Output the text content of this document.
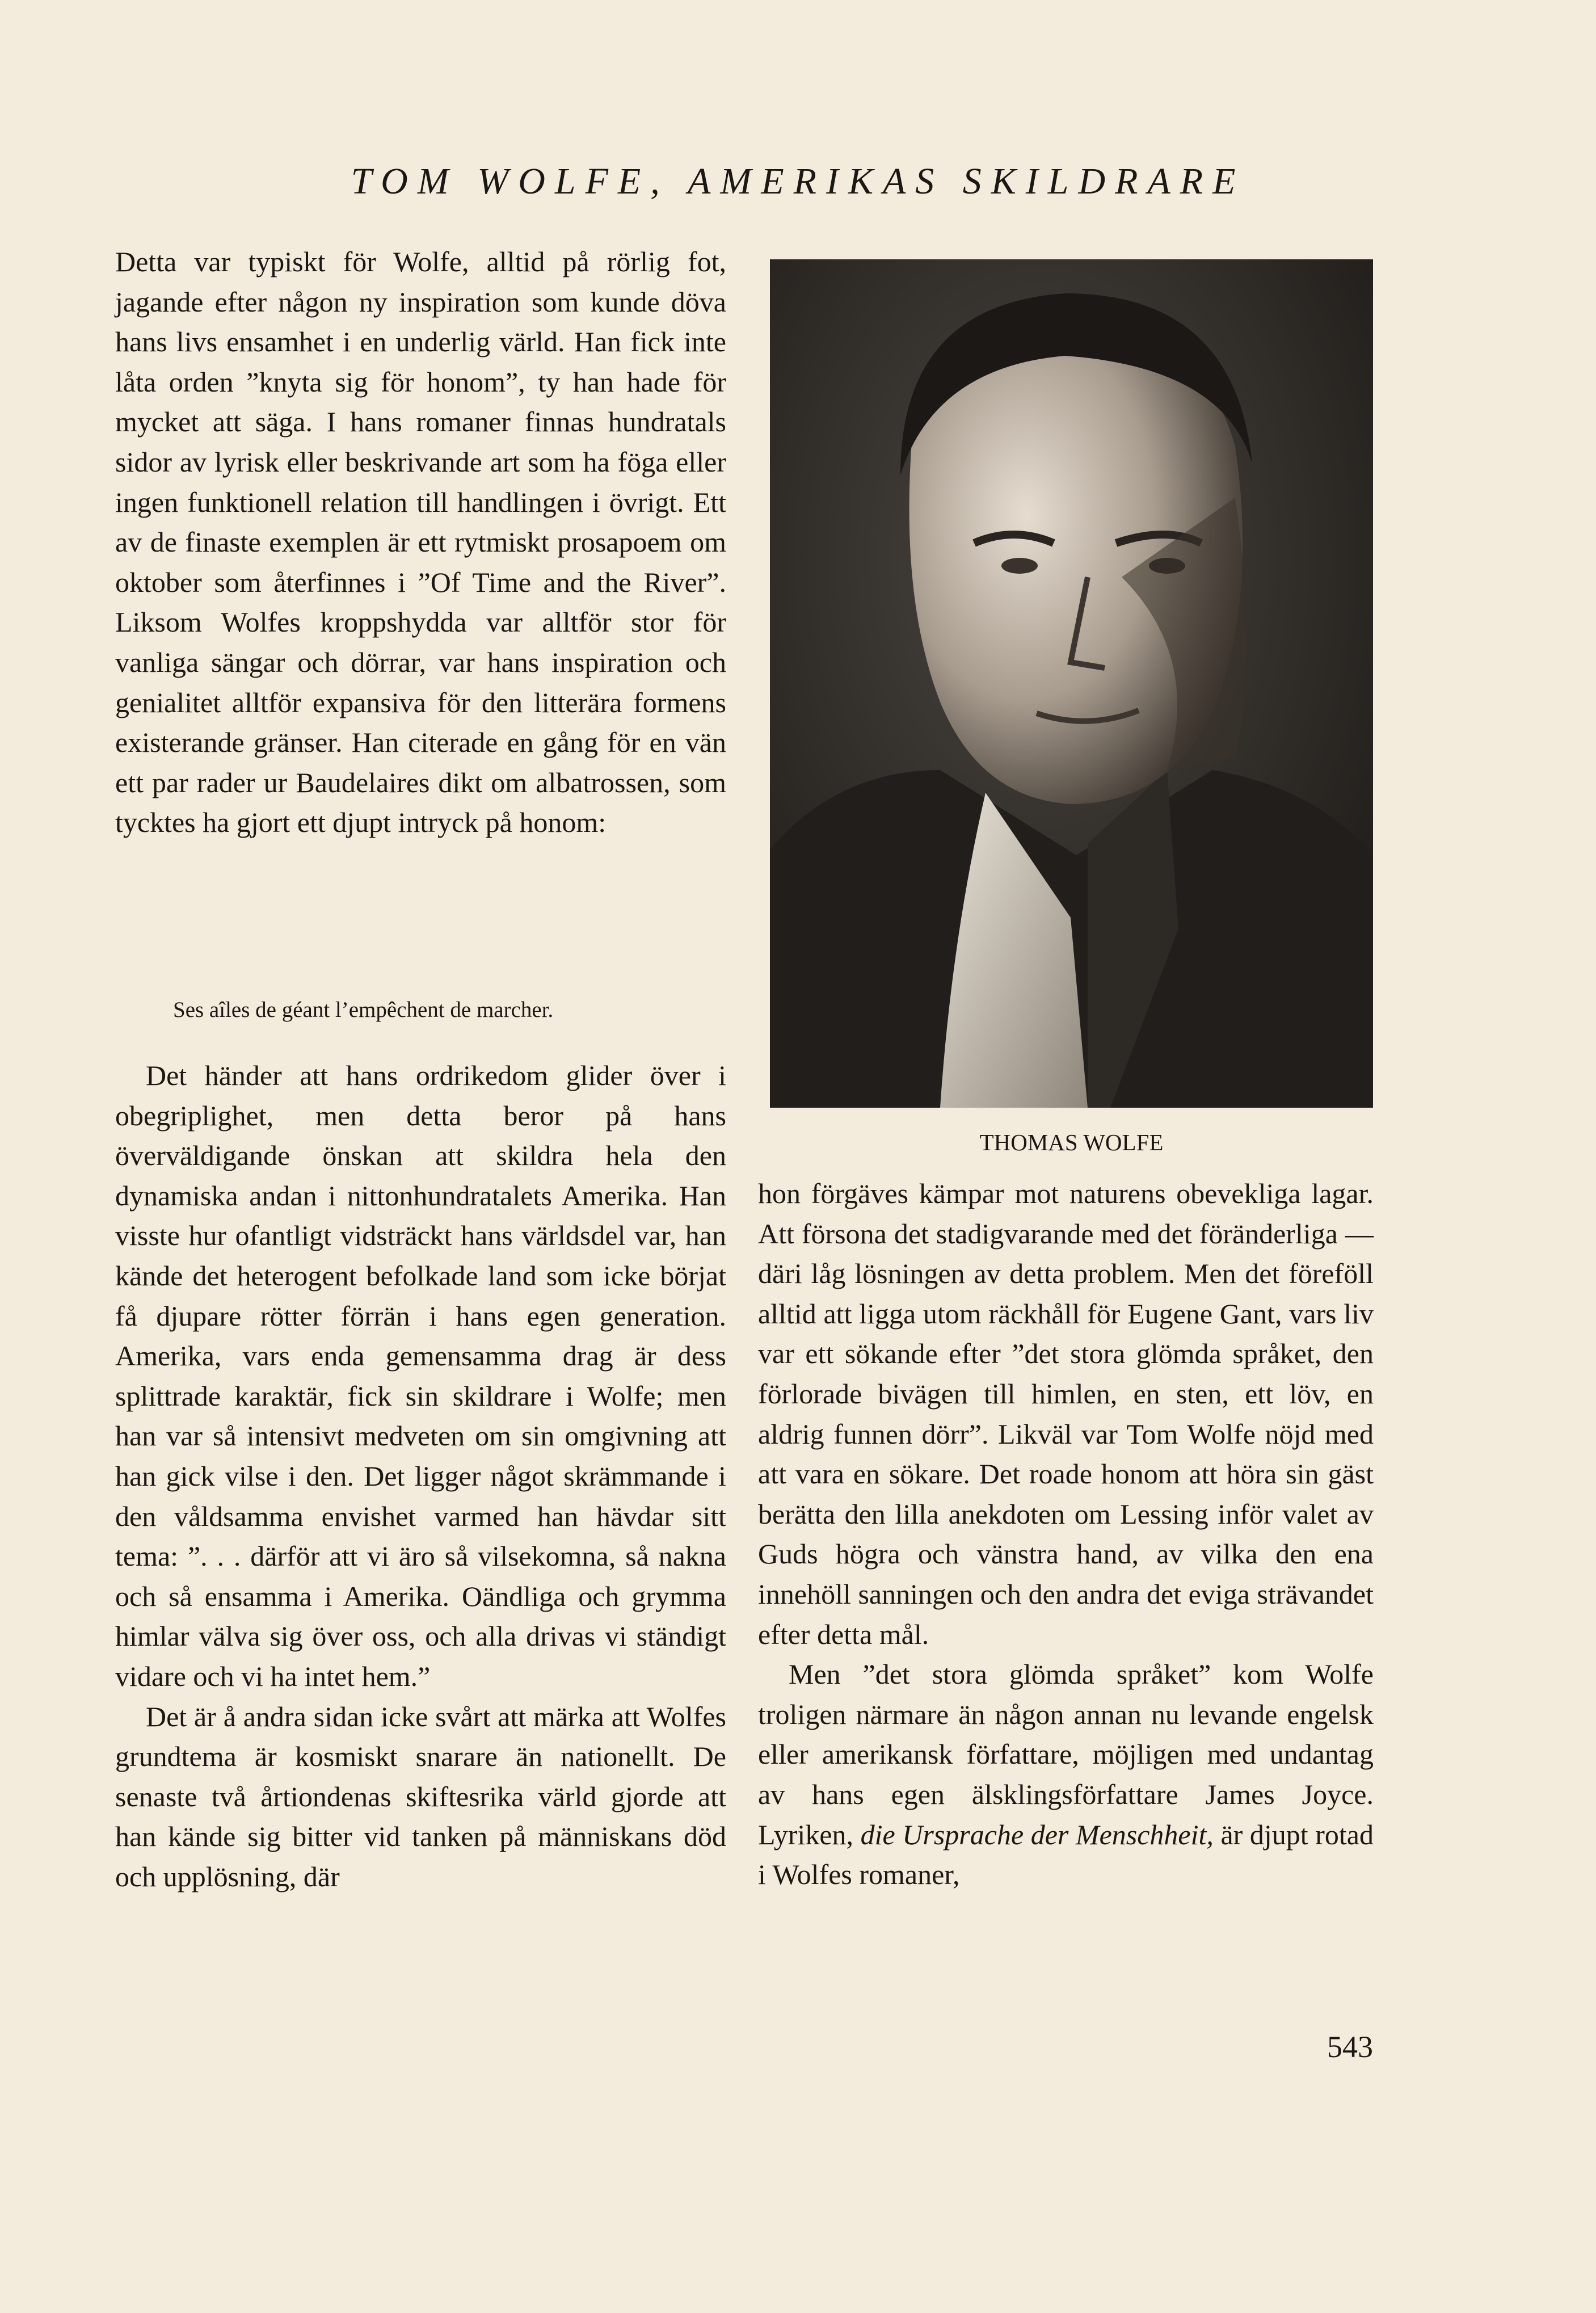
TOM WOLFE, AMERIKAS SKILDRARE

Detta var typiskt för Wolfe, alltid på rörlig fot, jagande efter någon ny inspiration som kunde döva hans livs ensamhet i en underlig värld. Han fick inte låta orden ”knyta sig för honom”, ty han hade för mycket att säga. I hans romaner finnas hundratals sidor av lyrisk eller beskrivande art som ha föga eller ingen funktionell relation till handlingen i övrigt. Ett av de finaste exemplen är ett rytmiskt prosapoem om oktober som återfinnes i ”Of Time and the River”. Liksom Wolfes kroppshydda var alltför stor för vanliga sängar och dörrar, var hans inspiration och genialitet alltför expansiva för den litterära formens existerande gränser. Han citerade en gång för en vän ett par rader ur Baudelaires dikt om albatrossen, som tycktes ha gjort ett djupt intryck på honom:

Ses aîles de géant l’empêchent de marcher.

Det händer att hans ordrikedom glider över i obegriplighet, men detta beror på hans överväldigande önskan att skildra hela den dynamiska andan i nittonhundratalets Amerika. Han visste hur ofantligt vidsträckt hans världsdel var, han kände det heterogent befolkade land som icke börjat få djupare rötter förrän i hans egen generation. Amerika, vars enda gemensamma drag är dess splittrade karaktär, fick sin skildrare i Wolfe; men han var så intensivt medveten om sin omgivning att han gick vilse i den. Det ligger något skrämmande i den våldsamma envishet varmed han hävdar sitt tema: ”. . . därför att vi äro så vilsekomna, så nakna och så ensamma i Amerika. Oändliga och grymma himlar välva sig över oss, och alla drivas vi ständigt vidare och vi ha intet hem.”

Det är å andra sidan icke svårt att märka att Wolfes grundtema är kosmiskt snarare än nationellt. De senaste två årtiondenas skiftesrika värld gjorde att han kände sig bitter vid tanken på människans död och upplösning, där

THOMAS WOLFE

hon förgäves kämpar mot naturens obevekliga lagar. Att försona det stadigvarande med det föränderliga — däri låg lösningen av detta problem. Men det föreföll alltid att ligga utom räckhåll för Eugene Gant, vars liv var ett sökande efter ”det stora glömda språket, den förlorade bivägen till himlen, en sten, ett löv, en aldrig funnen dörr”. Likväl var Tom Wolfe nöjd med att vara en sökare. Det roade honom att höra sin gäst berätta den lilla anekdoten om Lessing inför valet av Guds högra och vänstra hand, av vilka den ena innehöll sanningen och den andra det eviga strävandet efter detta mål.

Men ”det stora glömda språket” kom Wolfe troligen närmare än någon annan nu levande engelsk eller amerikansk författare, möjligen med undantag av hans egen älsklingsförfattare James Joyce. Lyriken, die Ursprache der Menschheit, är djupt rotad i Wolfes romaner,

543
